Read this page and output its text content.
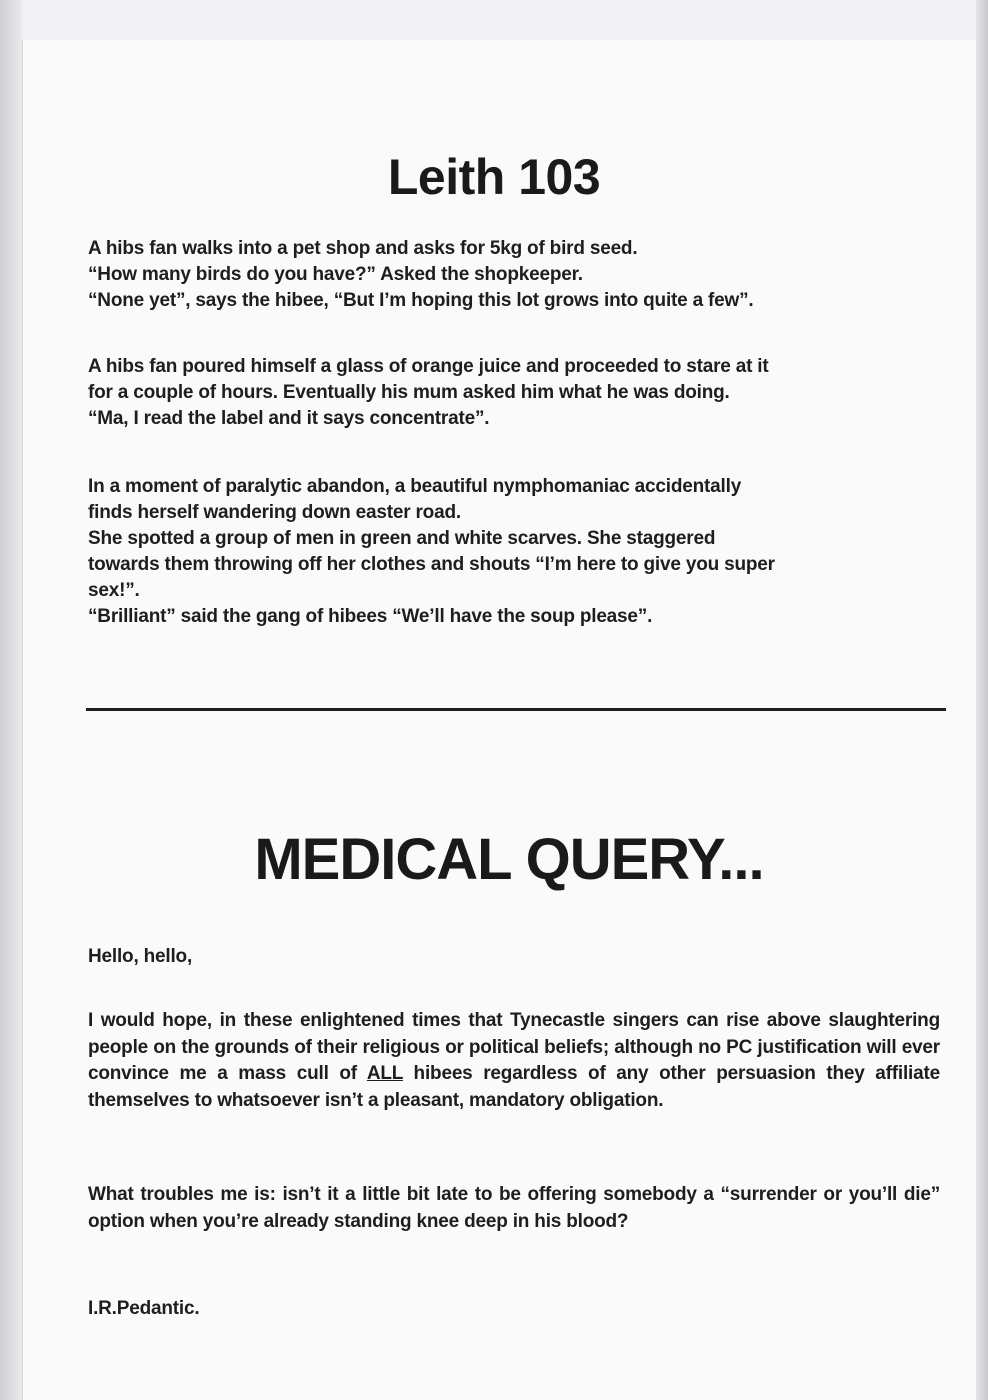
Leith 103

A hibs fan walks into a pet shop and asks for 5kg of bird seed.

“How many birds do you have?” Asked the shopkeeper.

“None yet”, says the hibee, “But I’m hoping this lot grows into quite a few”.

A hibs fan poured himself a glass of orange juice and proceeded to stare at it

for a couple of hours. Eventually his mum asked him what he was doing.

“Ma, I read the label and it says concentrate”.

In a moment of paralytic abandon, a beautiful nymphomaniac accidentally

finds herself wandering down easter road.

She spotted a group of men in green and white scarves. She staggered

towards them throwing off her clothes and shouts “I’m here to give you super

sex!”.

“Brilliant” said the gang of hibees “We’ll have the soup please”.

MEDICAL QUERY...
Hello, hello,
I would hope, in these enlightened times that Tynecastle singers can rise above slaughtering people on the grounds of their religious or political beliefs; although no PC justification will ever convince me a mass cull of ALL hibees regardless of any other persuasion they affiliate themselves to whatsoever isn’t a pleasant, mandatory obligation.
What troubles me is: isn’t it a little bit late to be offering somebody a “surrender or you’ll die” option when you’re already standing knee deep in his blood?
I.R.Pedantic.
